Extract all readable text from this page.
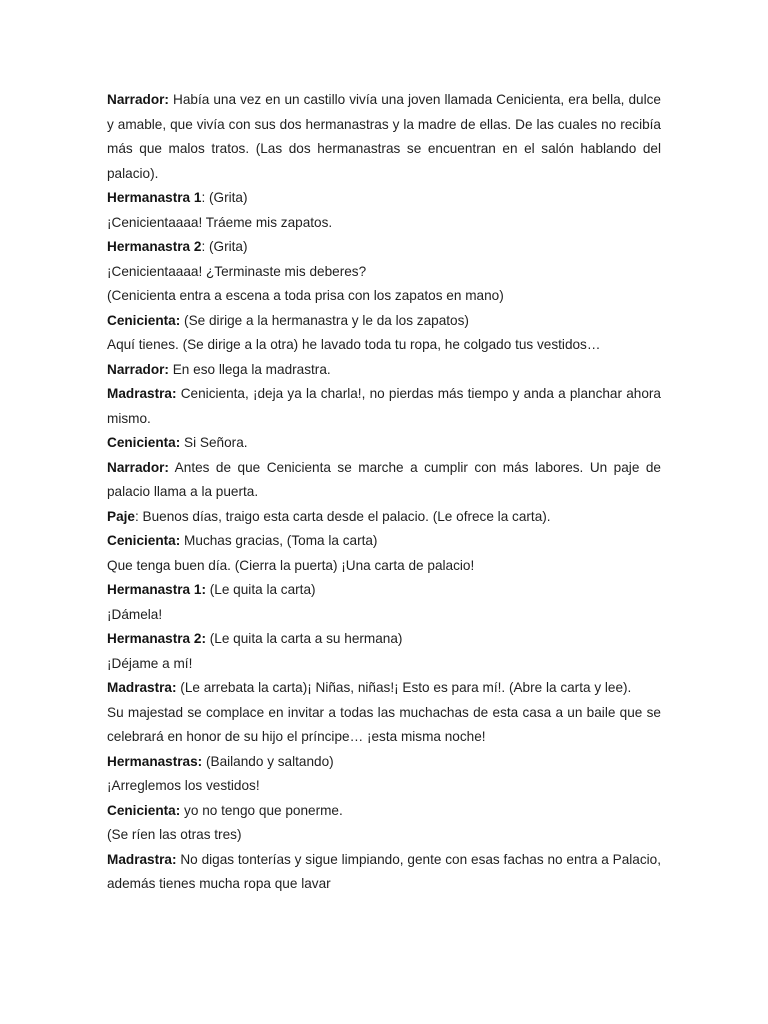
Narrador: Había una vez en un castillo vivía una joven llamada Cenicienta, era bella, dulce y amable, que vivía con sus dos hermanastras y la madre de ellas. De las cuales no recibía más que malos tratos. (Las dos hermanastras se encuentran en el salón hablando del palacio).

Hermanastra 1: (Grita)

¡Cenicientaaaa! Tráeme mis zapatos.

Hermanastra 2: (Grita)

¡Cenicientaaaa! ¿Terminaste mis deberes?

(Cenicienta entra a escena a toda prisa con los zapatos en mano)

Cenicienta: (Se dirige a la hermanastra y le da los zapatos)

Aquí tienes. (Se dirige a la otra) he lavado toda tu ropa, he colgado tus vestidos…

Narrador: En eso llega la madrastra.

Madrastra: Cenicienta, ¡deja ya la charla!, no pierdas más tiempo y anda a planchar ahora mismo.

Cenicienta: Si Señora.

Narrador: Antes de que Cenicienta se marche a cumplir con más labores. Un paje de palacio llama a la puerta.

Paje: Buenos días, traigo esta carta desde el palacio. (Le ofrece la carta).

Cenicienta: Muchas gracias, (Toma la carta)

Que tenga buen día. (Cierra la puerta) ¡Una carta de palacio!

Hermanastra 1: (Le quita la carta)

¡Dámela!

Hermanastra 2: (Le quita la carta a su hermana)

¡Déjame a mí!

Madrastra: (Le arrebata la carta)¡ Niñas, niñas!¡ Esto es para mí!. (Abre la carta y lee).

Su majestad se complace en invitar a todas las muchachas de esta casa a un baile que se celebrará en honor de su hijo el príncipe… ¡esta misma noche!

Hermanastras: (Bailando y saltando)

¡Arreglemos los vestidos!

Cenicienta: yo no tengo que ponerme.

(Se ríen las otras tres)

Madrastra: No digas tonterías y sigue limpiando, gente con esas fachas no entra a Palacio, además tienes mucha ropa que lavar
